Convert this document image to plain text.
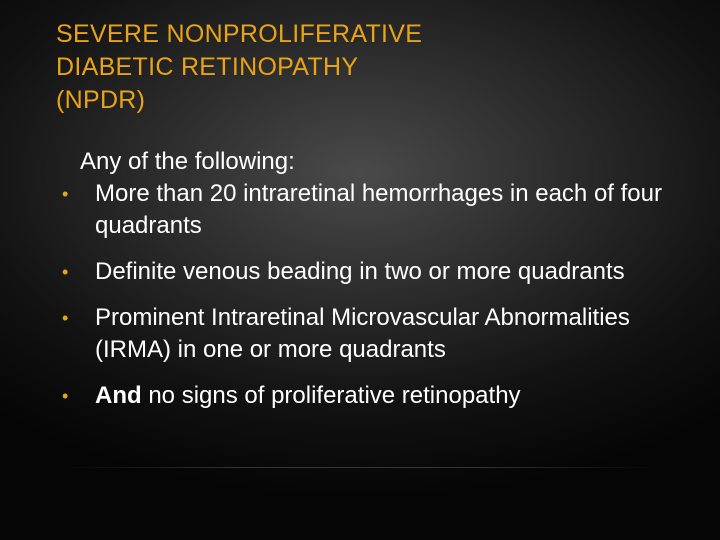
SEVERE NONPROLIFERATIVE
DIABETIC RETINOPATHY
(NPDR)

Any of the following:

• More than 20 intraretinal hemorrhages in each of four quadrants
• Definite venous beading in two or more quadrants
• Prominent Intraretinal Microvascular Abnormalities (IRMA) in one or more quadrants
• And no signs of proliferative retinopathy
